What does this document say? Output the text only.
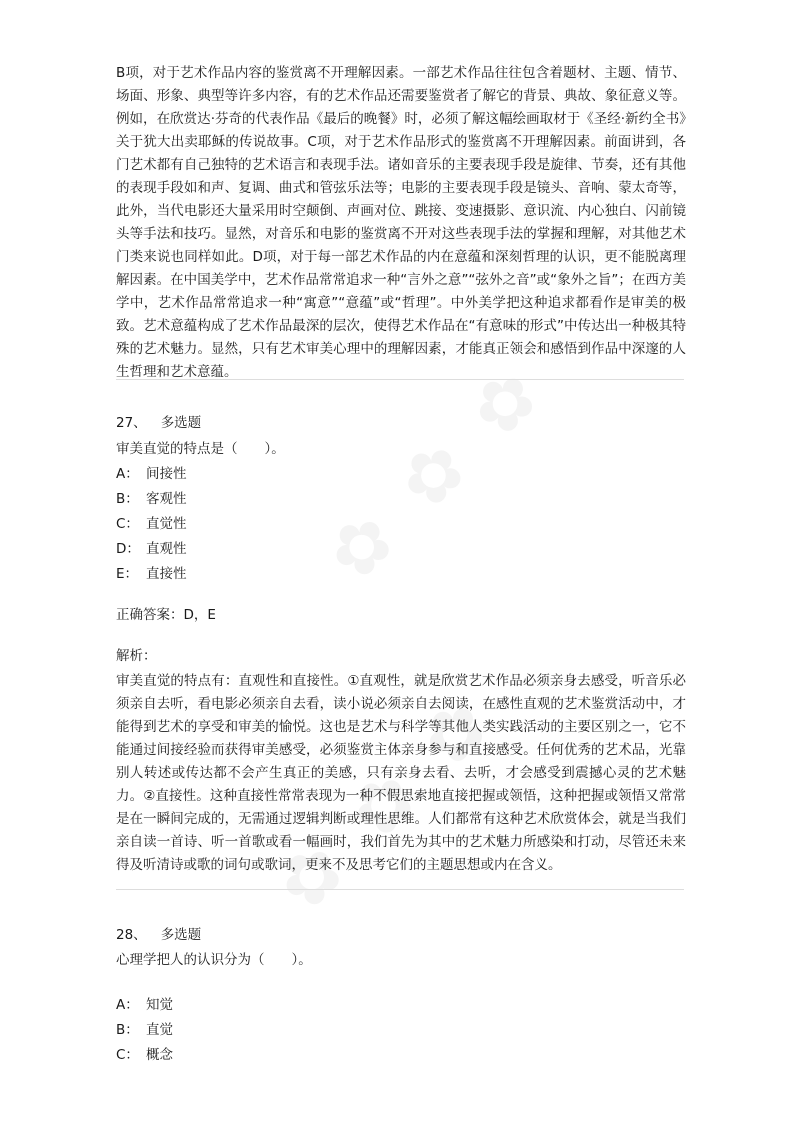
B项，对于艺术作品内容的鉴赏离不开理解因素。一部艺术作品往往包含着题材、主题、情节、场面、形象、典型等许多内容，有的艺术作品还需要鉴赏者了解它的背景、典故、象征意义等。例如，在欣赏达·芬奇的代表作品《最后的晚餐》时，必须了解这幅绘画取材于《圣经·新约全书》关于犹大出卖耶稣的传说故事。C项，对于艺术作品形式的鉴赏离不开理解因素。前面讲到，各门艺术都有自己独特的艺术语言和表现手法。诸如音乐的主要表现手段是旋律、节奏，还有其他的表现手段如和声、复调、曲式和管弦乐法等；电影的主要表现手段是镜头、音响、蒙太奇等，此外，当代电影还大量采用时空颠倒、声画对位、跳接、变速摄影、意识流、内心独白、闪前镜头等手法和技巧。显然，对音乐和电影的鉴赏离不开对这些表现手法的掌握和理解，对其他艺术门类来说也同样如此。D项，对于每一部艺术作品的内在意蕴和深刻哲理的认识，更不能脱离理解因素。在中国美学中，艺术作品常常追求一种“言外之意”“弦外之音”或“象外之旨”；在西方美学中，艺术作品常常追求一种“寓意”“意蕴”或“哲理”。中外美学把这种追求都看作是审美的极致。艺术意蕴构成了艺术作品最深的层次，使得艺术作品在“有意味的形式”中传达出一种极其特殊的艺术魅力。显然，只有艺术审美心理中的理解因素，才能真正领会和感悟到作品中深邃的人生哲理和艺术意蕴。

27、 多选题

审美直觉的特点是（　　）。

A： 间接性

B： 客观性

C： 直觉性

D： 直观性

E： 直接性

正确答案：D，E

解析：

审美直觉的特点有：直观性和直接性。①直观性，就是欣赏艺术作品必须亲身去感受，听音乐必须亲自去听，看电影必须亲自去看，读小说必须亲自去阅读，在感性直观的艺术鉴赏活动中，才能得到艺术的享受和审美的愉悦。这也是艺术与科学等其他人类实践活动的主要区别之一，它不能通过间接经验而获得审美感受，必须鉴赏主体亲身参与和直接感受。任何优秀的艺术品，光靠别人转述或传达都不会产生真正的美感，只有亲身去看、去听，才会感受到震撼心灵的艺术魅力。②直接性。这种直接性常常表现为一种不假思索地直接把握或领悟，这种把握或领悟又常常是在一瞬间完成的，无需通过逻辑判断或理性思维。人们都常有这种艺术欣赏体会，就是当我们亲自读一首诗、听一首歌或看一幅画时，我们首先为其中的艺术魅力所感染和打动，尽管还未来得及听清诗或歌的词句或歌词，更来不及思考它们的主题思想或内在含义。

28、 多选题

心理学把人的认识分为（　　）。

A： 知觉

B： 直觉

C： 概念
